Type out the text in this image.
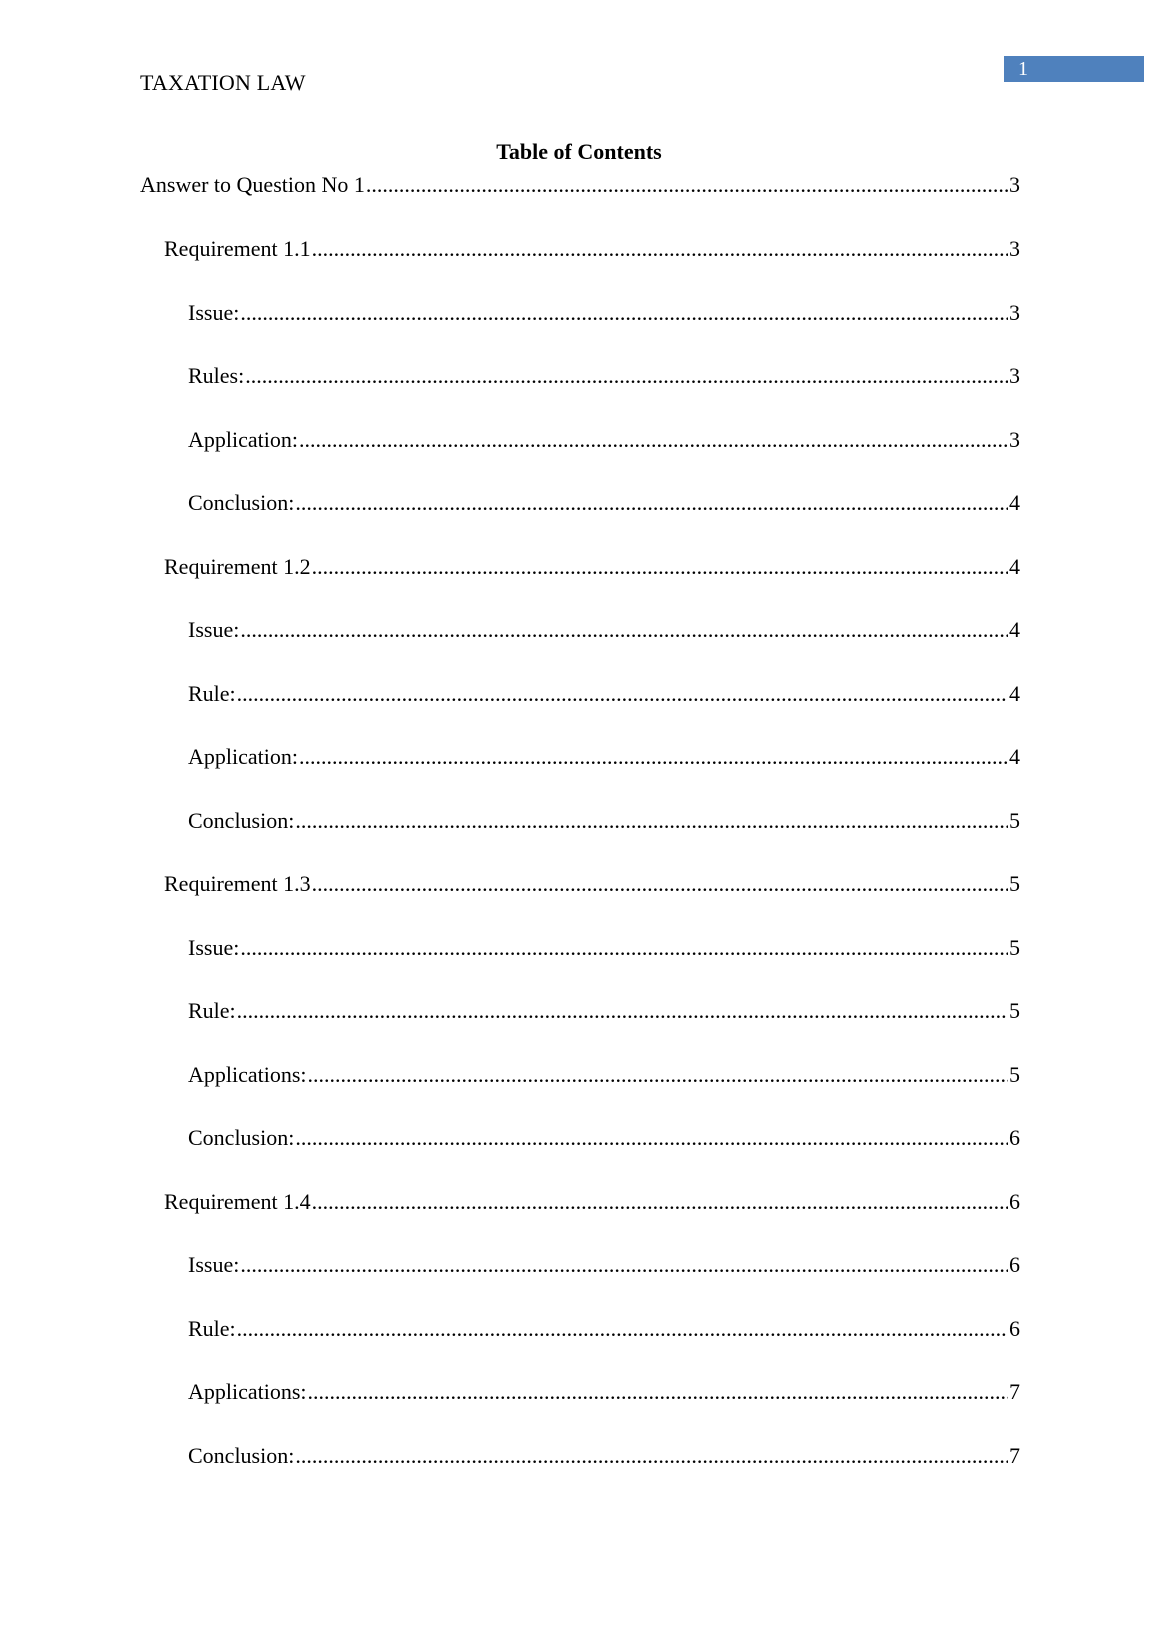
TAXATION LAW
1
Table of Contents
Answer to Question No 1 .....	3
Requirement 1.1 .....	3
Issue: .....	3
Rules: .....	3
Application: .....	3
Conclusion: .....	4
Requirement 1.2 .....	4
Issue: .....	4
Rule: .....	4
Application: .....	4
Conclusion: .....	5
Requirement 1.3 .....	5
Issue: .....	5
Rule: .....	5
Applications: .....	5
Conclusion: .....	6
Requirement 1.4 .....	6
Issue: .....	6
Rule: .....	6
Applications: .....	7
Conclusion: .....	7
